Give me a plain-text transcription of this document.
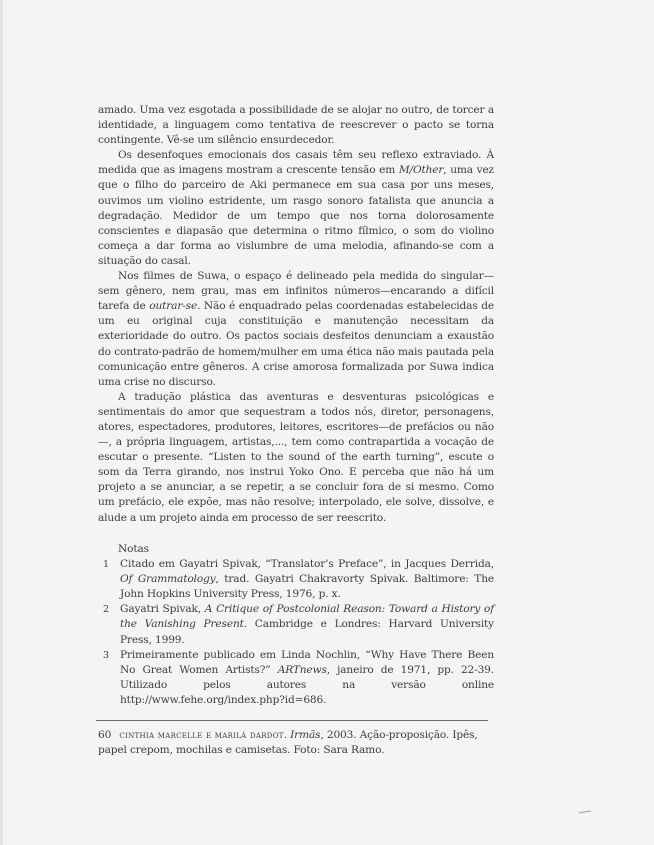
amado. Uma vez esgotada a possibilidade de se alojar no outro, de torcer a identidade, a linguagem como tentativa de reescrever o pacto se torna contingente. Vê-se um silêncio ensurdecedor.

Os desenfoques emocionais dos casais têm seu reflexo extraviado. À medida que as imagens mostram a crescente tensão em M/Other, uma vez que o filho do parceiro de Aki permanece em sua casa por uns meses, ouvimos um violino estridente, um rasgo sonoro fatalista que anuncia a degradação. Medidor de um tempo que nos torna dolorosamente conscientes e diapasão que determina o ritmo fílmico, o som do violino começa a dar forma ao vislumbre de uma melodia, afinando-se com a situação do casal.

Nos filmes de Suwa, o espaço é delineado pela medida do singular—sem gênero, nem grau, mas em infinitos números—encarando a difícil tarefa de outrar-se. Não é enquadrado pelas coordenadas estabelecidas de um eu original cuja constituição e manutenção necessitam da exterioridade do outro. Os pactos sociais desfeitos denunciam a exaustão do contrato-padrão de homem/mulher em uma ética não mais pautada pela comunicação entre gêneros. A crise amorosa formalizada por Suwa indica uma crise no discurso.

A tradução plástica das aventuras e desventuras psicológicas e sentimentais do amor que sequestram a todos nós, diretor, personagens, atores, espectadores, produtores, leitores, escritores—de prefácios ou não—, a própria linguagem, artistas,..., tem como contrapartida a vocação de escutar o presente. “Listen to the sound of the earth turning”, escute o som da Terra girando, nos instrui Yoko Ono. E perceba que não há um projeto a se anunciar, a se repetir, a se concluir fora de si mesmo. Como um prefácio, ele expõe, mas não resolve; interpolado, ele solve, dissolve, e alude a um projeto ainda em processo de ser reescrito.

Notas
1 Citado em Gayatri Spivak, “Translator’s Preface”, in Jacques Derrida, Of Grammatology, trad. Gayatri Chakravorty Spivak. Baltimore: The John Hopkins University Press, 1976, p. x.
2 Gayatri Spivak, A Critique of Postcolonial Reason: Toward a History of the Vanishing Present. Cambridge e Londres: Harvard University Press, 1999.
3 Primeiramente publicado em Linda Nochlin, “Why Have There Been No Great Women Artists?” ARTnews, janeiro de 1971, pp. 22-39. Utilizado pelos autores na versão online http://www.fehe.org/index.php?id=686.
60 cinthia marcelle e marilá dardot. Irmãs, 2003. Ação-proposição. Ipês, papel crepom, mochilas e camisetas. Foto: Sara Ramo.
